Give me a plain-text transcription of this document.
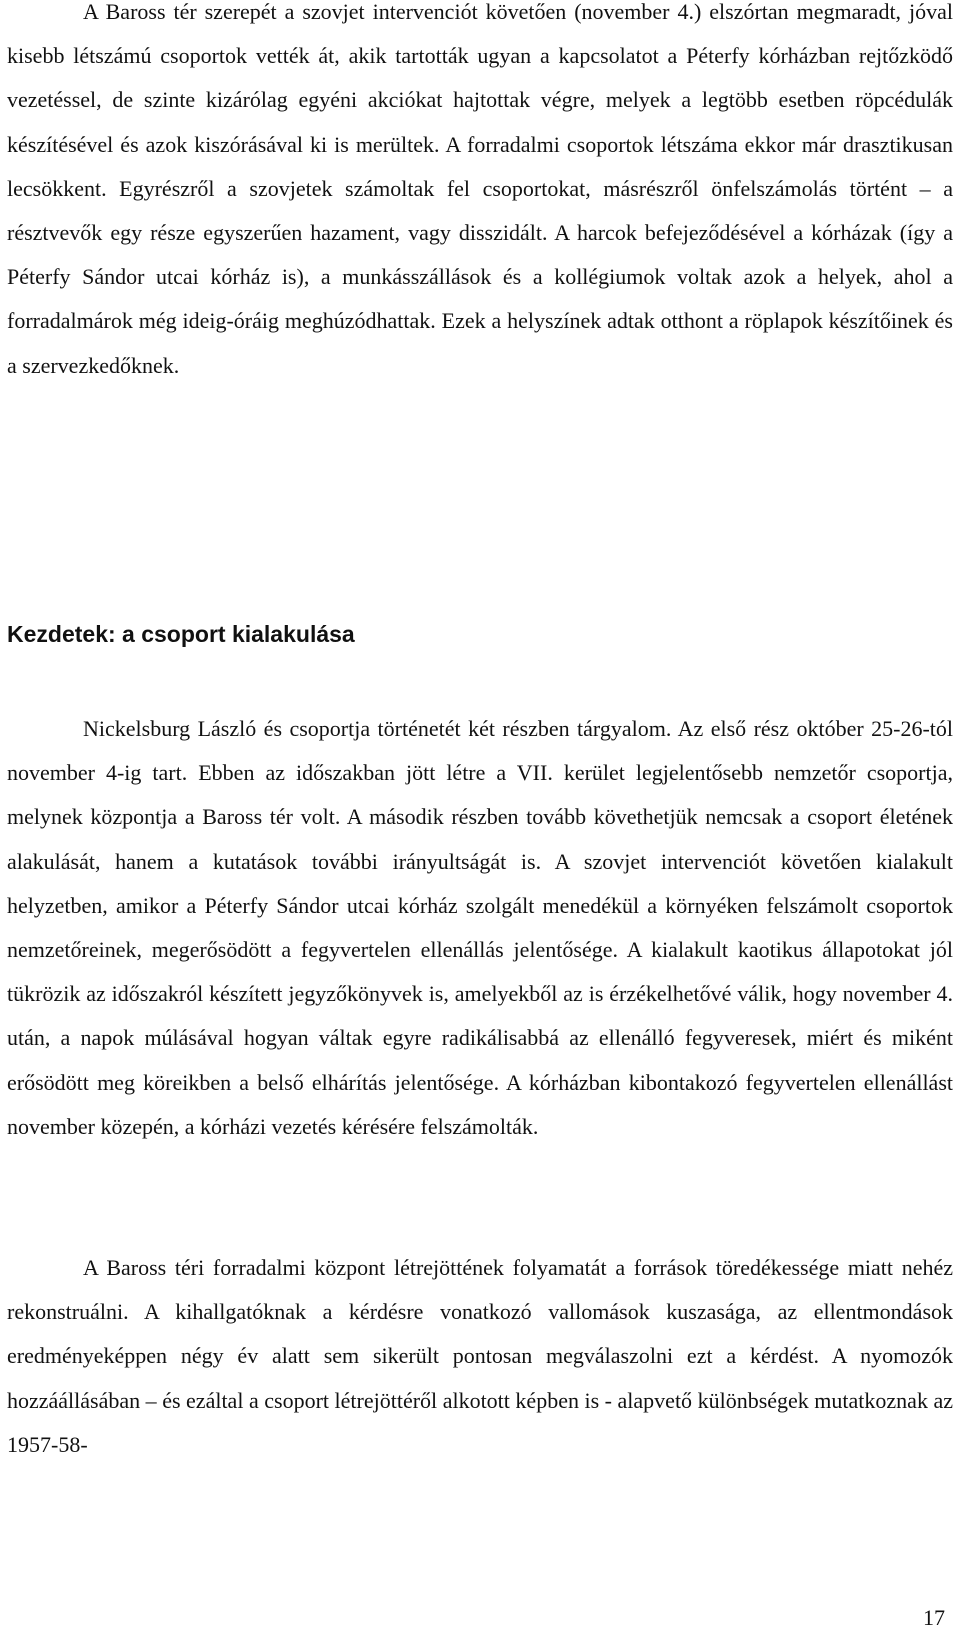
A Baross tér szerepét a szovjet intervenciót követően (november 4.) elszórtan megmaradt, jóval kisebb létszámú csoportok vették át, akik tartották ugyan a kapcsolatot a Péterfy kórházban rejtőzködő vezetéssel, de szinte kizárólag egyéni akciókat hajtottak végre, melyek a legtöbb esetben röpcédulák készítésével és azok kiszórásával ki is merültek. A forradalmi csoportok létszáma ekkor már drasztikusan lecsökkent. Egyrészről a szovjetek számoltak fel csoportokat, másrészről önfelszámolás történt – a résztvevők egy része egyszerűen hazament, vagy disszidált. A harcok befejeződésével a kórházak (így a Péterfy Sándor utcai kórház is), a munkásszállások és a kollégiumok voltak azok a helyek, ahol a forradalmárok még ideig-óráig meghúzódhattak. Ezek a helyszínek adtak otthont a röplapok készítőinek és a szervezkedőknek.

Kezdetek: a csoport kialakulása

Nickelsburg László és csoportja történetét két részben tárgyalom. Az első rész október 25-26-tól november 4-ig tart. Ebben az időszakban jött létre a VII. kerület legjelentősebb nemzetőr csoportja, melynek központja a Baross tér volt. A második részben tovább követhetjük nemcsak a csoport életének alakulását, hanem a kutatások további irányultságát is. A szovjet intervenciót követően kialakult helyzetben, amikor a Péterfy Sándor utcai kórház szolgált menedékül a környéken felszámolt csoportok nemzetőreinek, megerősödött a fegyvertelen ellenállás jelentősége. A kialakult kaotikus állapotokat jól tükrözik az időszakról készített jegyzőkönyvek is, amelyekből az is érzékelhetővé válik, hogy november 4. után, a napok múlásával hogyan váltak egyre radikálisabbá az ellenálló fegyveresek, miért és miként erősödött meg köreikben a belső elhárítás jelentősége. A kórházban kibontakozó fegyvertelen ellenállást november közepén, a kórházi vezetés kérésére felszámolták.

A Baross téri forradalmi központ létrejöttének folyamatát a források töredékessége miatt nehéz rekonstruálni. A kihallgatóknak a kérdésre vonatkozó vallomások kuszasága, az ellentmondások eredményeképpen négy év alatt sem sikerült pontosan megválaszolni ezt a kérdést. A nyomozók hozzáállásában – és ezáltal a csoport létrejöttéről alkotott képben is - alapvető különbségek mutatkoznak az 1957-58-

17
